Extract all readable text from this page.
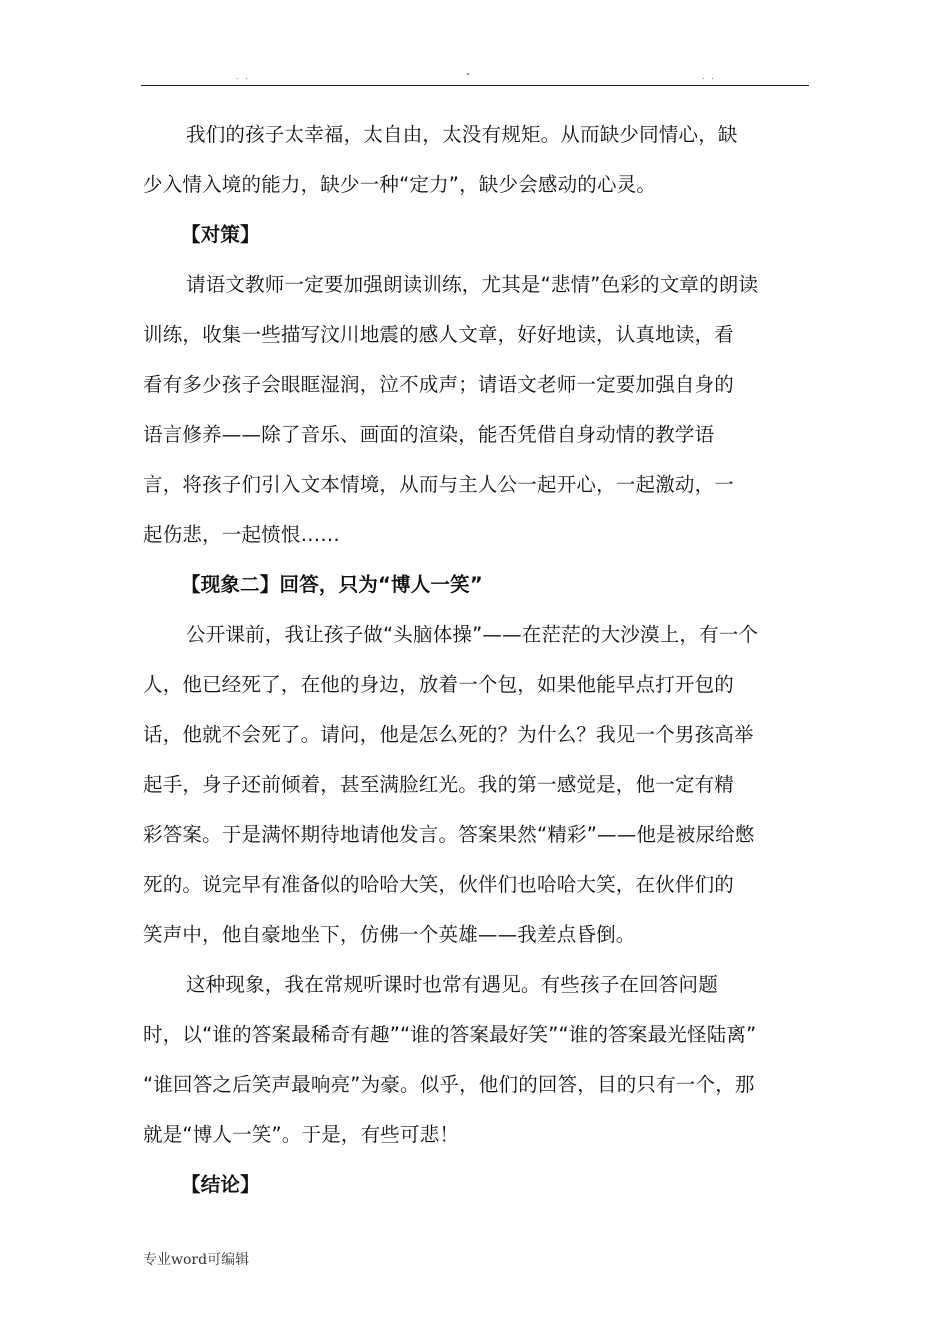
. .	"	. .
我们的孩子太幸福，太自由，太没有规矩。从而缺少同情心，缺
少入情入境的能力，缺少一种“定力”，缺少会感动的心灵。
【对策】
请语文教师一定要加强朗读训练，尤其是“悲情”色彩的文章的朗读
训练，收集一些描写汶川地震的感人文章，好好地读，认真地读，看
看有多少孩子会眼眶湿润，泣不成声；请语文老师一定要加强自身的
语言修养——除了音乐、画面的渲染，能否凭借自身动情的教学语
言，将孩子们引入文本情境，从而与主人公一起开心，一起激动，一
起伤悲，一起愤恨……
【现象二】回答，只为“博人一笑”
公开课前，我让孩子做“头脑体操”——在茫茫的大沙漠上，有一个
人，他已经死了，在他的身边，放着一个包，如果他能早点打开包的
话，他就不会死了。请问，他是怎么死的？为什么？我见一个男孩高举
起手，身子还前倾着，甚至满脸红光。我的第一感觉是，他一定有精
彩答案。于是满怀期待地请他发言。答案果然“精彩”——他是被尿给憋
死的。说完早有准备似的哈哈大笑，伙伴们也哈哈大笑，在伙伴们的
笑声中，他自豪地坐下，仿佛一个英雄——我差点昏倒。
这种现象，我在常规听课时也常有遇见。有些孩子在回答问题
时，以“谁的答案最稀奇有趣”“谁的答案最好笑”“谁的答案最光怪陆离”
“谁回答之后笑声最响亮”为豪。似乎，他们的回答，目的只有一个，那
就是“博人一笑”。于是，有些可悲！
【结论】
专业word可编辑
